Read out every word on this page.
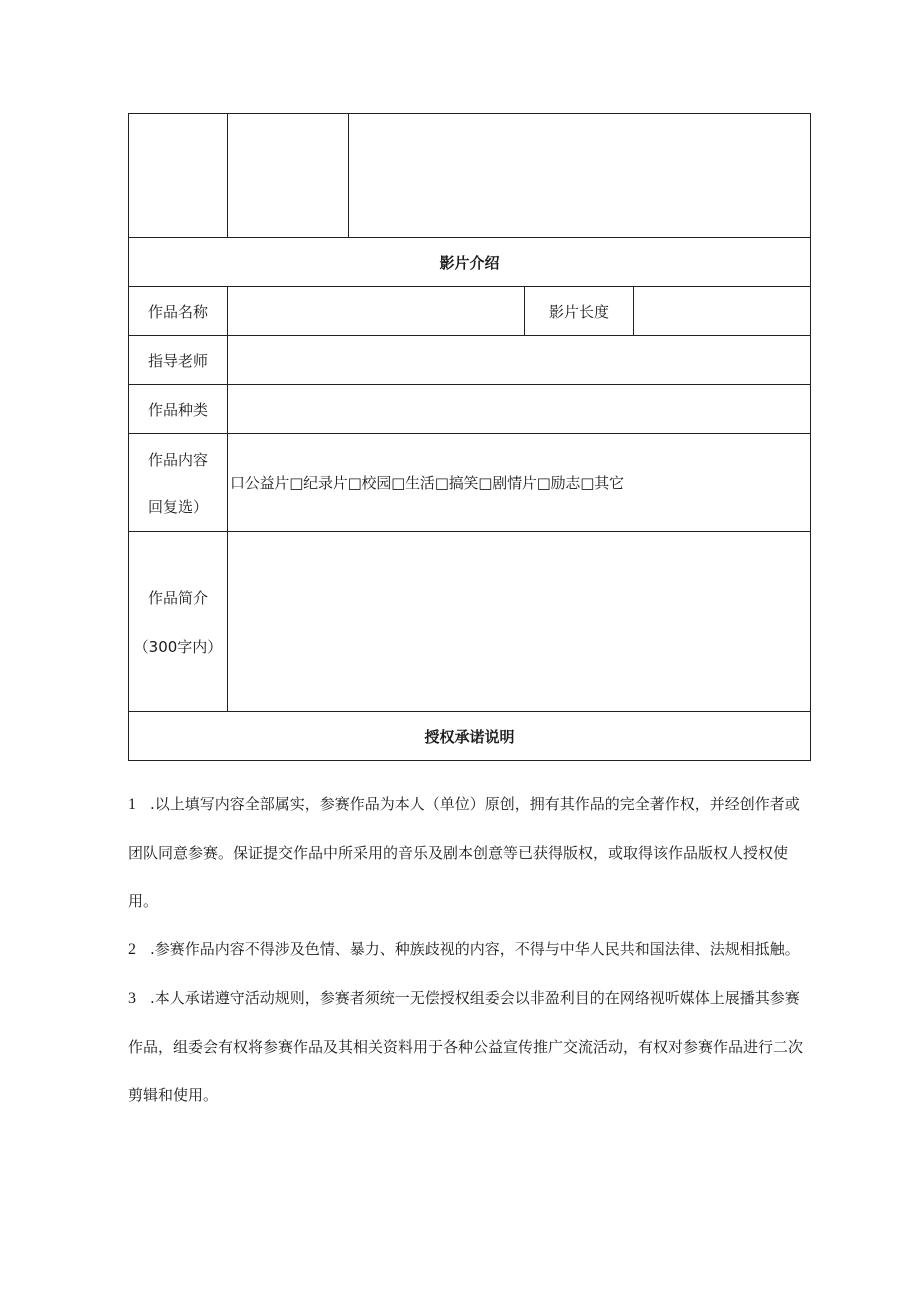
影片介绍				
作品名称			影片长度	
指导老师				
作品种类				

作品内容
回复选）	口公益片□纪录片□校园□生活□搞笑□剧情片□励志□其它			

作品简介
（300字内）				

授权承诺说明				

1 .以上填写内容全部属实，参赛作品为本人（单位）原创，拥有其作品的完全著作权，并经创作者或团队同意参赛。保证提交作品中所采用的音乐及剧本创意等已获得版权，或取得该作品版权人授权使用。

2 .参赛作品内容不得涉及色情、暴力、种族歧视的内容，不得与中华人民共和国法律、法规相抵触。

3 .本人承诺遵守活动规则，参赛者须统一无偿授权组委会以非盈利目的在网络视听媒体上展播其参赛作品，组委会有权将参赛作品及其相关资料用于各种公益宣传推广交流活动，有权对参赛作品进行二次剪辑和使用。
